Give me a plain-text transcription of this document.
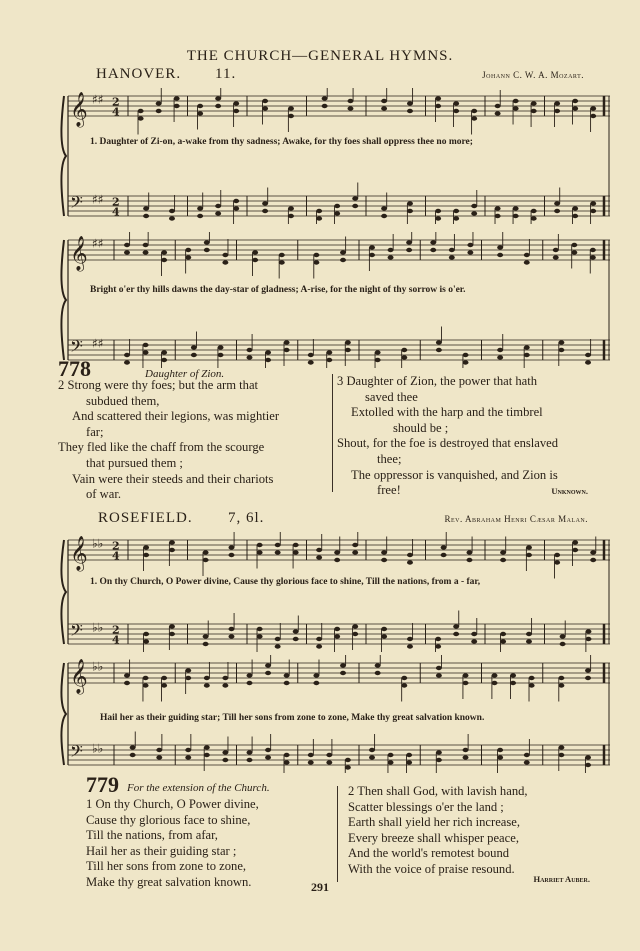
THE CHURCH—GENERAL HYMNS.
HANOVER. 11.	Johann C. W. A. Mozart.
𝄞 ♯♯ 2
4
𝄢 ♯♯ 2
4
1. Daughter of Zi-on, a-wake from thy sadness; Awake, for thy foes shall oppress thee no more;
𝄞 ♯♯
𝄢 ♯♯
Bright o'er thy hills dawns the day-star of gladness; A-rise, for the night of thy sorrow is o'er.
778	Daughter of Zion.
2 Strong were thy foes; but the arm that
subdued them,
And scattered their legions, was mightier
far;
They fled like the chaff from the scourge
that pursued them ;
Vain were their steeds and their chariots
of war.
3 Daughter of Zion, the power that hath
saved thee
Extolled with the harp and the timbrel
should be ;
Shout, for the foe is destroyed that enslaved
thee;
The oppressor is vanquished, and Zion is
free!	Unknown.
ROSEFIELD. 7, 6l.	Rev. Abraham Henri Cæsar Malan.
𝄞 ♭♭ 2
4
𝄢 ♭♭ 2
4
1. On thy Church, O Power divine, Cause thy glorious face to shine, Till the nations, from a - far,
𝄞 ♭♭
𝄢 ♭♭
Hail her as their guiding star; Till her sons from zone to zone, Make thy great salvation known.
779 For the extension of the Church.
1 On thy Church, O Power divine,
Cause thy glorious face to shine,
Till the nations, from afar,
Hail her as their guiding star ;
Till her sons from zone to zone,
Make thy great salvation known.
2 Then shall God, with lavish hand,
Scatter blessings o'er the land ;
Earth shall yield her rich increase,
Every breeze shall whisper peace,
And the world's remotest bound
With the voice of praise resound.
Harriet Auber.
291
